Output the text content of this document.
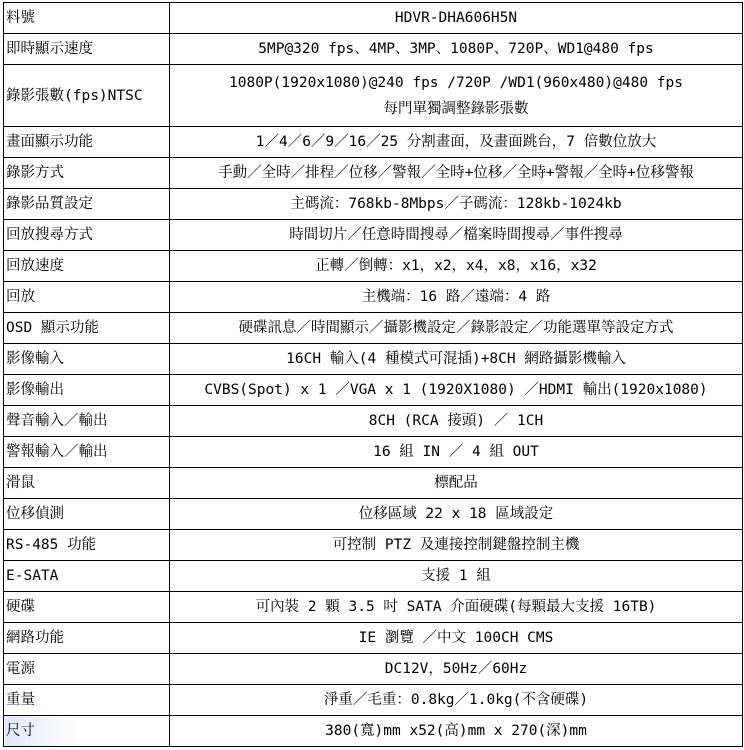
料號	HDVR-DHA606H5N
即時顯示速度	5MP@320 fps、4MP、3MP、1080P、720P、WD1@480 fps
錄影張數(fps)NTSC	1080P(1920x1080)@240 fps /720P /WD1(960x480)@480 fps
每門單獨調整錄影張數

畫面顯示功能	1／4／6／9／16／25 分割畫面，及畫面跳台，7 倍數位放大
錄影方式	手動／全時／排程／位移／警報／全時+位移／全時+警報／全時+位移警報
錄影品質設定	主碼流：768kb-8Mbps／子碼流：128kb-1024kb
回放搜尋方式	時間切片／任意時間搜尋／檔案時間搜尋／事件搜尋
回放速度	正轉／倒轉：x1，x2，x4，x8，x16，x32
回放	主機端：16 路／遠端：4 路
OSD 顯示功能	硬碟訊息／時間顯示／攝影機設定／錄影設定／功能選單等設定方式
影像輸入	16CH 輸入(4 種模式可混插)+8CH 網路攝影機輸入
影像輸出	CVBS(Spot) x 1 ／VGA x 1 (1920X1080) ／HDMI 輸出(1920x1080)
聲音輸入／輸出	8CH (RCA 接頭) ／ 1CH
警報輸入／輸出	16 組 IN ／ 4 組 OUT
滑鼠	標配品
位移偵測	位移區域 22 x 18 區域設定
RS-485 功能	可控制 PTZ 及連接控制鍵盤控制主機
E-SATA	支援 1 組
硬碟	可內裝 2 顆 3.5 吋 SATA 介面硬碟(每顆最大支援 16TB)
網路功能	IE 瀏覽 ／中文 100CH CMS
電源	DC12V，50Hz／60Hz
重量	淨重／毛重：0.8kg／1.0kg(不含硬碟)
尺寸	380(寬)mm x52(高)mm x 270(深)mm
